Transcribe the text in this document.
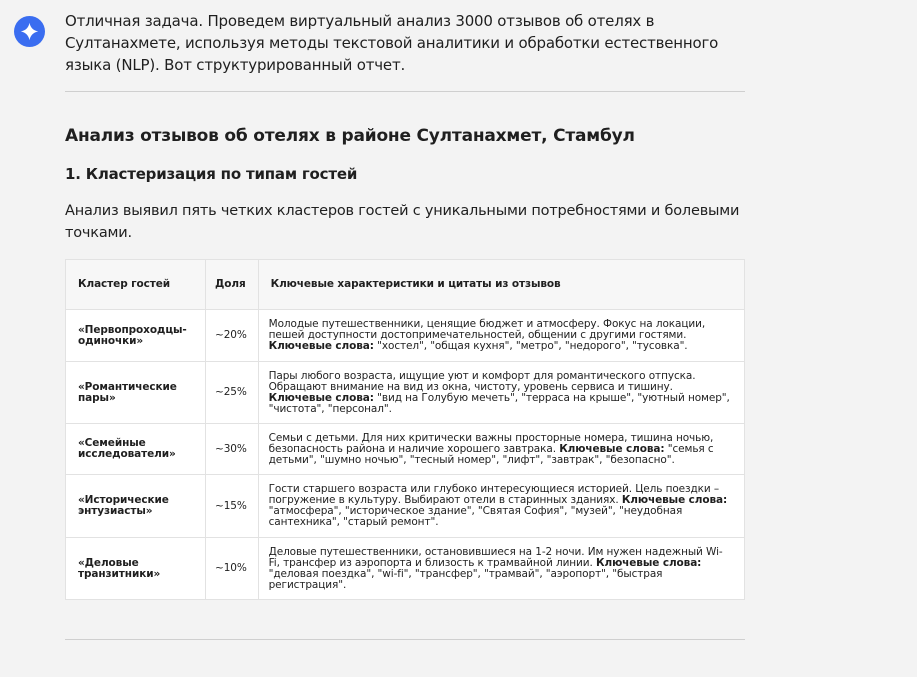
Отличная задача. Проведем виртуальный анализ 3000 отзывов об отелях в Султанахмете, используя методы текстовой аналитики и обработки естественного языка (NLP). Вот структурированный отчет.

Анализ отзывов об отелях в районе Султанахмет, Стамбул
1. Кластеризация по типам гостей

Анализ выявил пять четких кластеров гостей с уникальными потребностями и болевыми точками.

Кластер гостей	Доля	Ключевые характеристики и цитаты из отзывов
«Первопроходцы-одиночки»	~20%	Молодые путешественники, ценящие бюджет и атмосферу. Фокус на локации, пешей доступности достопримечательностей, общении с другими гостями. Ключевые слова: "хостел", "общая кухня", "метро", "недорого", "тусовка".
«Романтические пары»	~25%	Пары любого возраста, ищущие уют и комфорт для романтического отпуска. Обращают внимание на вид из окна, чистоту, уровень сервиса и тишину. Ключевые слова: "вид на Голубую мечеть", "терраса на крыше", "уютный номер", "чистота", "персонал".
«Семейные исследователи»	~30%	Семьи с детьми. Для них критически важны просторные номера, тишина ночью, безопасность района и наличие хорошего завтрака. Ключевые слова: "семья с детьми", "шумно ночью", "тесный номер", "лифт", "завтрак", "безопасно".
«Исторические энтузиасты»	~15%	Гости старшего возраста или глубоко интересующиеся историей. Цель поездки – погружение в культуру. Выбирают отели в старинных зданиях. Ключевые слова: "атмосфера", "историческое здание", "Святая София", "музей", "неудобная сантехника", "старый ремонт".
«Деловые транзитники»	~10%	Деловые путешественники, остановившиеся на 1-2 ночи. Им нужен надежный Wi-Fi, трансфер из аэропорта и близость к трамвайной линии. Ключевые слова: "деловая поездка", "wi-fi", "трансфер", "трамвай", "аэропорт", "быстрая регистрация".
